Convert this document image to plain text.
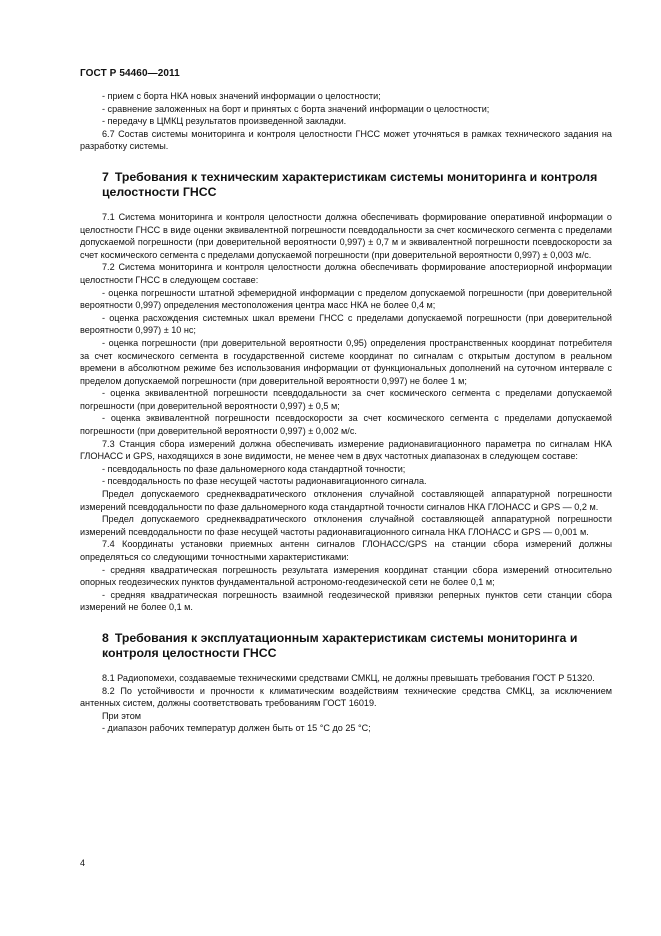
ГОСТ Р 54460—2011

- прием с борта НКА новых значений информации о целостности;

- сравнение заложенных на борт и принятых с борта значений информации о целостности;

- передачу в ЦМКЦ результатов произведенной закладки.

6.7 Состав системы мониторинга и контроля целостности ГНСС может уточняться в рамках технического задания на разработку системы.

7 Требования к техническим характеристикам системы мониторинга и контроля целостности ГНСС

7.1 Система мониторинга и контроля целостности должна обеспечивать формирование оперативной информации о целостности ГНСС в виде оценки эквивалентной погрешности псевдодальности за счет космического сегмента с пределами допускаемой погрешности (при доверительной вероятности 0,997) ± 0,7 м и эквивалентной погрешности псевдоскорости за счет космического сегмента с пределами допускаемой погрешности (при доверительной вероятности 0,997) ± 0,003 м/с.

7.2 Система мониторинга и контроля целостности должна обеспечивать формирование апостериорной информации целостности ГНСС в следующем составе:

- оценка погрешности штатной эфемеридной информации с пределом допускаемой погрешности (при доверительной вероятности 0,997) определения местоположения центра масс НКА не более 0,4 м;

- оценка расхождения системных шкал времени ГНСС с пределами допускаемой погрешности (при доверительной вероятности 0,997) ± 10 нс;

- оценка погрешности (при доверительной вероятности 0,95) определения пространственных координат потребителя за счет космического сегмента в государственной системе координат по сигналам с открытым доступом в реальном времени в абсолютном режиме без использования информации от функциональных дополнений на суточном интервале с пределом допускаемой погрешности (при доверительной вероятности 0,997) не более 1 м;

- оценка эквивалентной погрешности псевдодальности за счет космического сегмента с пределами допускаемой погрешности (при доверительной вероятности 0,997) ± 0,5 м;

- оценка эквивалентной погрешности псевдоскорости за счет космического сегмента с пределами допускаемой погрешности (при доверительной вероятности 0,997) ± 0,002 м/с.

7.3 Станция сбора измерений должна обеспечивать измерение радионавигационного параметра по сигналам НКА ГЛОНАСС и GPS, находящихся в зоне видимости, не менее чем в двух частотных диапазонах в следующем составе:

- псевдодальность по фазе дальномерного кода стандартной точности;

- псевдодальность по фазе несущей частоты радионавигационного сигнала.

Предел допускаемого среднеквадратического отклонения случайной составляющей аппаратурной погрешности измерений псевдодальности по фазе дальномерного кода стандартной точности сигналов НКА ГЛОНАСС и GPS — 0,2 м.

Предел допускаемого среднеквадратического отклонения случайной составляющей аппаратурной погрешности измерений псевдодальности по фазе несущей частоты радионавигационного сигнала НКА ГЛОНАСС и GPS — 0,001 м.

7.4 Координаты установки приемных антенн сигналов ГЛОНАСС/GPS на станции сбора измерений должны определяться со следующими точностными характеристиками:

- средняя квадратическая погрешность результата измерения координат станции сбора измерений относительно опорных геодезических пунктов фундаментальной астрономо-геодезической сети не более 0,1 м;

- средняя квадратическая погрешность взаимной геодезической привязки реперных пунктов сети станции сбора измерений не более 0,1 м.

8 Требования к эксплуатационным характеристикам системы мониторинга и контроля целостности ГНСС

8.1 Радиопомехи, создаваемые техническими средствами СМКЦ, не должны превышать требования ГОСТ Р 51320.

8.2 По устойчивости и прочности к климатическим воздействиям технические средства СМКЦ, за исключением антенных систем, должны соответствовать требованиям ГОСТ 16019.

При этом

- диапазон рабочих температур должен быть от 15 °С до 25 °С;

4
